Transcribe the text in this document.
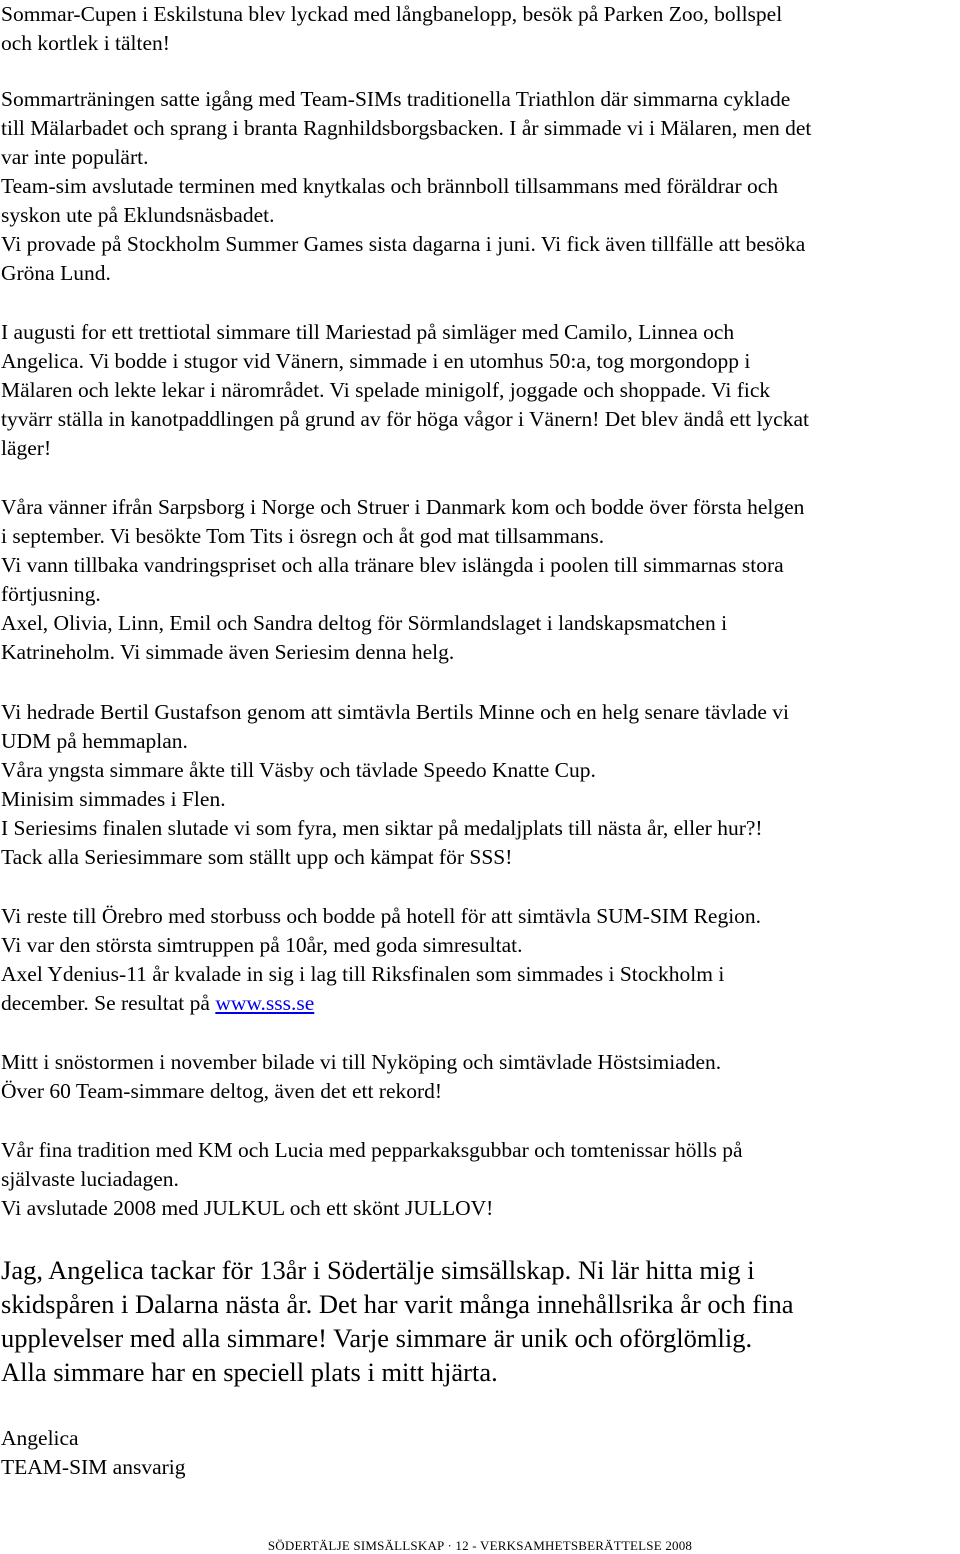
Sommar-Cupen i Eskilstuna blev lyckad med långbanelopp, besök på Parken Zoo, bollspel

och kortlek i tälten!

Sommarträningen satte igång med Team-SIMs traditionella Triathlon där simmarna cyklade

till Mälarbadet och sprang i branta Ragnhildsborgsbacken. I år simmade vi i Mälaren, men det

var inte populärt.

Team-sim avslutade terminen med knytkalas och brännboll tillsammans med föräldrar och

syskon ute på Eklundsnäsbadet.

Vi provade på Stockholm Summer Games sista dagarna i juni. Vi fick även tillfälle att besöka

Gröna Lund.

I augusti for ett trettiotal simmare till Mariestad på simläger med Camilo, Linnea och

Angelica. Vi bodde i stugor vid Vänern, simmade i en utomhus 50:a, tog morgondopp i

Mälaren och lekte lekar i närområdet. Vi spelade minigolf, joggade och shoppade. Vi fick

tyvärr ställa in kanotpaddlingen på grund av för höga vågor i Vänern! Det blev ändå ett lyckat

läger!

Våra vänner ifrån Sarpsborg i Norge och Struer i Danmark kom och bodde över första helgen

i september. Vi besökte Tom Tits i ösregn och åt god mat tillsammans.

Vi vann tillbaka vandringspriset och alla tränare blev islängda i poolen till simmarnas stora

förtjusning.

Axel, Olivia, Linn, Emil och Sandra deltog för Sörmlandslaget i landskapsmatchen i

Katrineholm. Vi simmade även Seriesim denna helg.

Vi hedrade Bertil Gustafson genom att simtävla Bertils Minne och en helg senare tävlade vi

UDM på hemmaplan.

Våra yngsta simmare åkte till Väsby och tävlade Speedo Knatte Cup.

Minisim simmades i Flen.

I Seriesims finalen slutade vi som fyra, men siktar på medaljplats till nästa år, eller hur?!

Tack alla Seriesimmare som ställt upp och kämpat för SSS!

Vi reste till Örebro med storbuss och bodde på hotell för att simtävla SUM-SIM Region.

Vi var den största simtruppen på 10år, med goda simresultat.

Axel Ydenius-11 år kvalade in sig i lag till Riksfinalen som simmades i Stockholm i

december. Se resultat på www.sss.se

Mitt i snöstormen i november bilade vi till Nyköping och simtävlade Höstsimiaden.

Över 60 Team-simmare deltog, även det ett rekord!

Vår fina tradition med KM och Lucia med pepparkaksgubbar och tomtenissar hölls på

självaste luciadagen.

Vi avslutade 2008 med JULKUL och ett skönt JULLOV!

Jag, Angelica tackar för 13år i Södertälje simsällskap. Ni lär hitta mig i

skidspåren i Dalarna nästa år. Det har varit många innehållsrika år och fina

upplevelser med alla simmare! Varje simmare är unik och oförglömlig.

Alla simmare har en speciell plats i mitt hjärta.

Angelica

TEAM-SIM ansvarig

SÖDERTÄLJE SIMSÄLLSKAP · 12 - VERKSAMHETSBERÄTTELSE 2008
